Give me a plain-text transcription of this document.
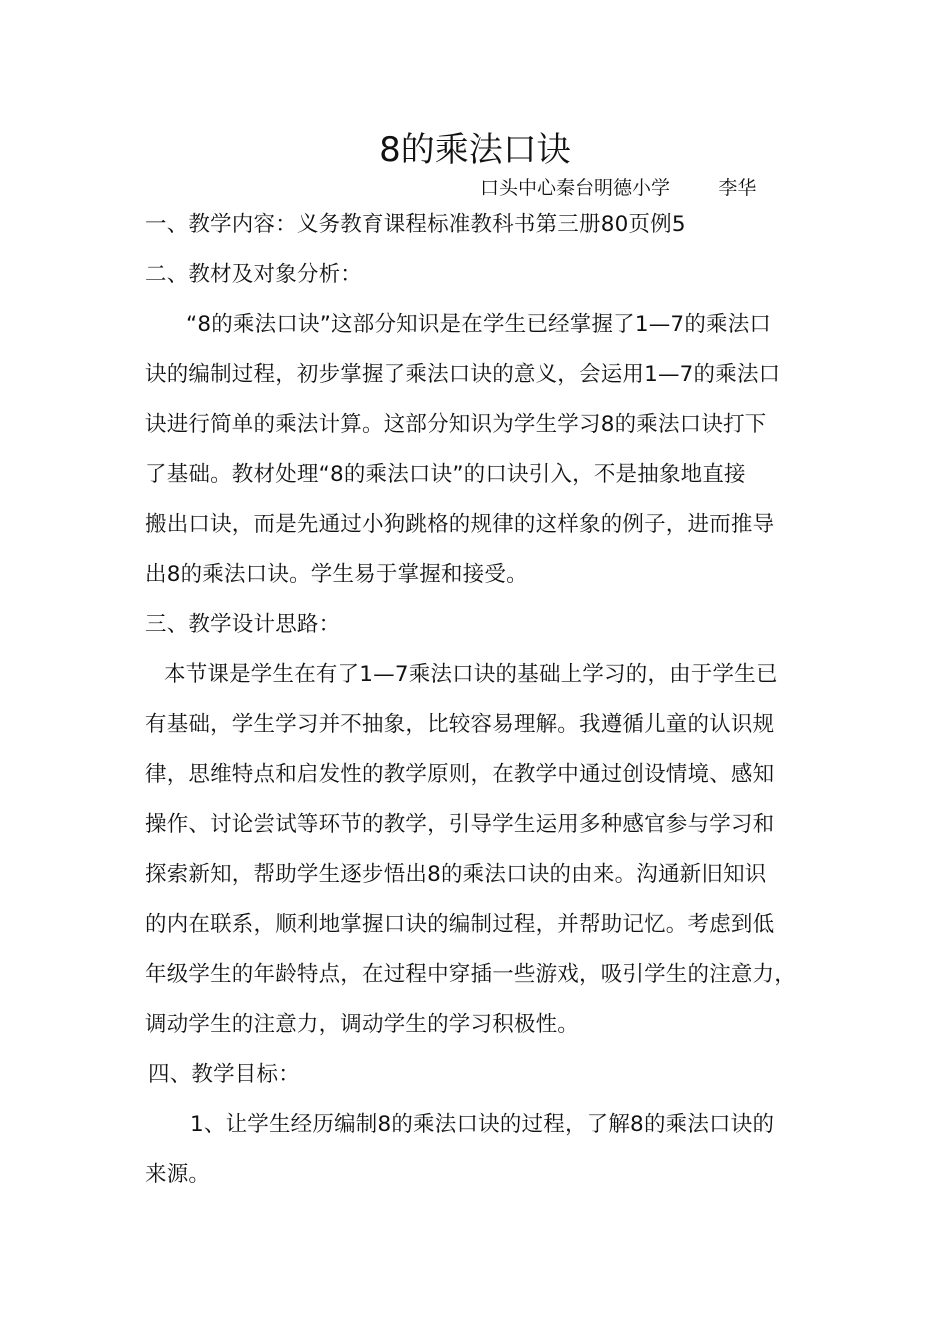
8的乘法口诀
口头中心秦台明德小学        李华
一、教学内容：义务教育课程标准教科书第三册80页例5
二、教材及对象分析：
“8的乘法口诀”这部分知识是在学生已经掌握了1—7的乘法口
诀的编制过程，初步掌握了乘法口诀的意义，会运用1—7的乘法口
诀进行简单的乘法计算。这部分知识为学生学习8的乘法口诀打下
了基础。教材处理“8的乘法口诀”的口诀引入，不是抽象地直接
搬出口诀，而是先通过小狗跳格的规律的这样象的例子，进而推导
出8的乘法口诀。学生易于掌握和接受。
三、教学设计思路：
本节课是学生在有了1—7乘法口诀的基础上学习的，由于学生已
有基础，学生学习并不抽象，比较容易理解。我遵循儿童的认识规
律，思维特点和启发性的教学原则，在教学中通过创设情境、感知
操作、讨论尝试等环节的教学，引导学生运用多种感官参与学习和
探索新知，帮助学生逐步悟出8的乘法口诀的由来。沟通新旧知识
的内在联系，顺利地掌握口诀的编制过程，并帮助记忆。考虑到低
年级学生的年龄特点，在过程中穿插一些游戏，吸引学生的注意力，
调动学生的注意力，调动学生的学习积极性。
四、教学目标：
1、让学生经历编制8的乘法口诀的过程，了解8的乘法口诀的
来源。
